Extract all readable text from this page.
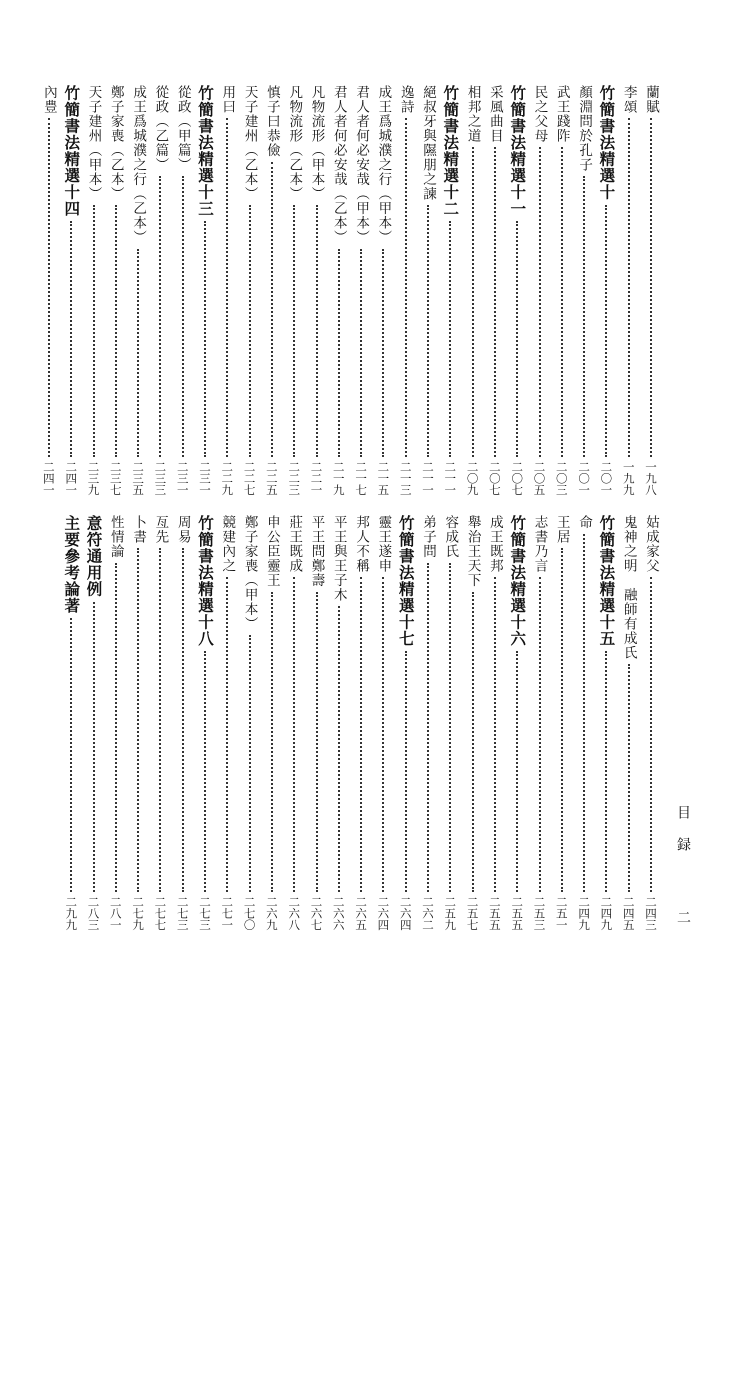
蘭賦
一九八
李頌
一九九
竹簡書法精選十
二〇一
顏淵問於孔子
二〇一
武王踐阼
二〇三
民之父母
二〇五
竹簡書法精選十一
二〇七
采風曲目
二〇七
相邦之道
二〇九
竹簡書法精選十二
二一一
絕叔牙與隰朋之諫
二一一
逸詩
二一三
成王爲城濮之行（甲本）
二一五
君人者何必安哉（甲本）
二一七
君人者何必安哉（乙本）
二一九
凡物流形（甲本）
二二一
凡物流形（乙本）
二二三
慎子曰恭儉
二二五
天子建州（乙本）
二二七
用曰
二二九
竹簡書法精選十三
二三一
從政（甲篇）
二三一
從政（乙篇）
二三三
成王爲城濮之行（乙本）
二三五
鄭子家喪（乙本）
二三七
天子建州（甲本）
二三九
竹簡書法精選十四
二四一
內豊
二四一
姑成家父
二四三
鬼神之明　融師有成氏
二四五
竹簡書法精選十五
二四九
命
二四九
王居
二五一
志書乃言
二五三
竹簡書法精選十六
二五五
成王既邦
二五五
舉治王天下
二五七
容成氏
二五九
弟子問
二六二
竹簡書法精選十七
二六四
靈王遂申
二六四
邦人不稱
二六五
平王與王子木
二六六
平王問鄭壽
二六七
莊王既成
二六八
申公臣靈王
二六九
鄭子家喪（甲本）
二七〇
競建內之
二七一
竹簡書法精選十八
二七三
周易
二七三
亙先
二七七
卜書
二七九
性情論
二八一
意符通用例
二八三
主要參考論著
二九九
目録
二
